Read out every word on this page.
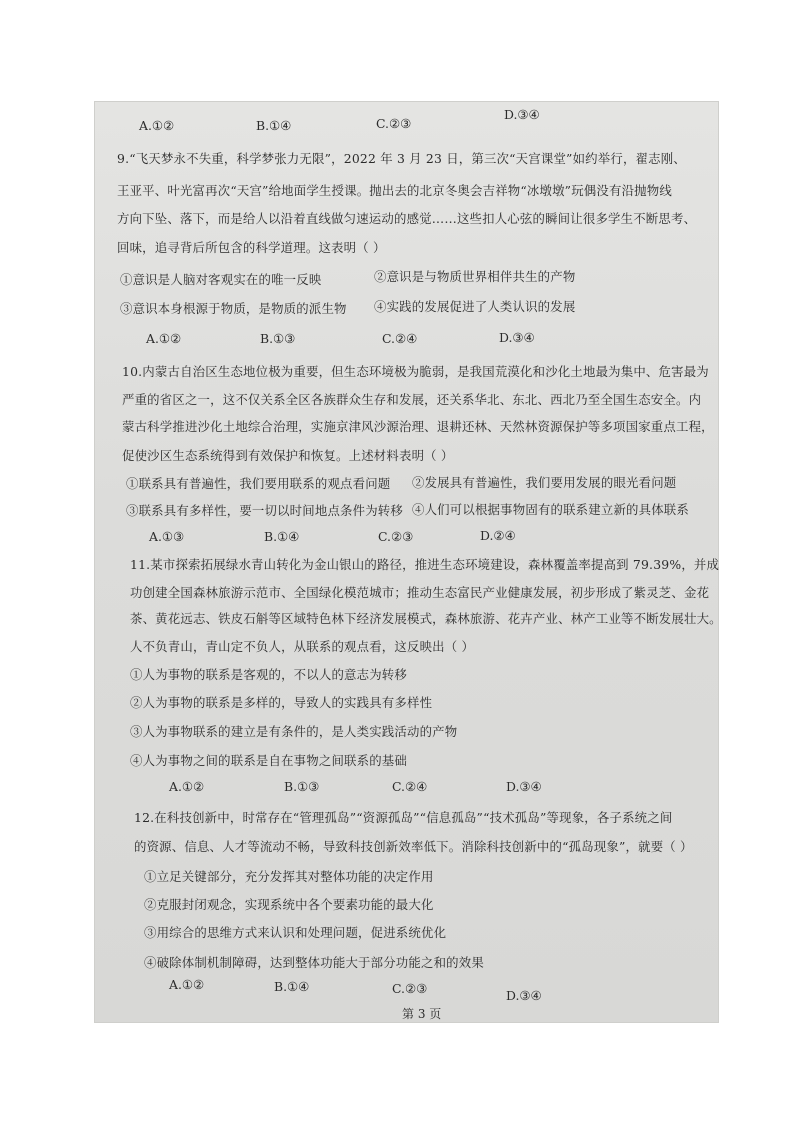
A.①②	B.①④	C.②③
D.③④
9.“飞天梦永不失重，科学梦张力无限”，2022 年 3 月 23 日，第三次“天宫课堂”如约举行，翟志刚、
王亚平、叶光富再次“天宫”给地面学生授课。抛出去的北京冬奥会吉祥物“冰墩墩”玩偶没有沿抛物线
方向下坠、落下，而是给人以沿着直线做匀速运动的感觉……这些扣人心弦的瞬间让很多学生不断思考、
回味，追寻背后所包含的科学道理。这表明（ ）
①意识是人脑对客观实在的唯一反映	②意识是与物质世界相伴共生的产物
③意识本身根源于物质，是物质的派生物 ④实践的发展促进了人类认识的发展
A.①②	B.①③	C.②④	D.③④
10.内蒙古自治区生态地位极为重要，但生态环境极为脆弱，是我国荒漠化和沙化土地最为集中、危害最为
严重的省区之一，这不仅关系全区各族群众生存和发展，还关系华北、东北、西北乃至全国生态安全。内
蒙古科学推进沙化土地综合治理，实施京津风沙源治理、退耕还林、天然林资源保护等多项国家重点工程，
促使沙区生态系统得到有效保护和恢复。上述材料表明（ ）
①联系具有普遍性，我们要用联系的观点看问题 ②发展具有普遍性，我们要用发展的眼光看问题
③联系具有多样性，要一切以时间地点条件为转移 ④人们可以根据事物固有的联系建立新的具体联系
A.①③	B.①④	C.②③	D.②④
11.某市探索拓展绿水青山转化为金山银山的路径，推进生态环境建设，森林覆盖率提高到 79.39%，并成
功创建全国森林旅游示范市、全国绿化模范城市；推动生态富民产业健康发展，初步形成了紫灵芝、金花
茶、黄花远志、铁皮石斛等区域特色林下经济发展模式，森林旅游、花卉产业、林产工业等不断发展壮大。
人不负青山，青山定不负人，从联系的观点看，这反映出（ ）
①人为事物的联系是客观的，不以人的意志为转移
②人为事物的联系是多样的，导致人的实践具有多样性
③人为事物联系的建立是有条件的，是人类实践活动的产物
④人为事物之间的联系是自在事物之间联系的基础
A.①②	B.①③	C.②④	D.③④
12.在科技创新中，时常存在“管理孤岛”“资源孤岛”“信息孤岛”“技术孤岛”等现象，各子系统之间
的资源、信息、人才等流动不畅，导致科技创新效率低下。消除科技创新中的“孤岛现象”，就要（ ）
①立足关键部分，充分发挥其对整体功能的决定作用
②克服封闭观念，实现系统中各个要素功能的最大化
③用综合的思维方式来认识和处理问题，促进系统优化
④破除体制机制障碍，达到整体功能大于部分功能之和的效果
A.①②	B.①④	C.②③	D.③④
第 3 页
